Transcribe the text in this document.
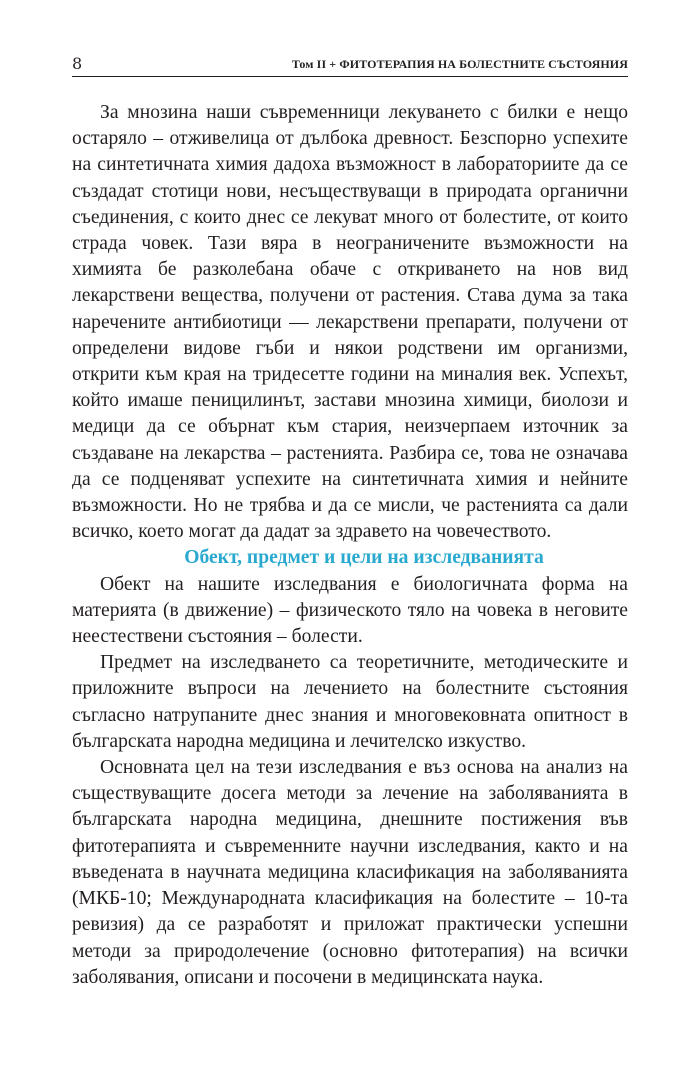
8	Том II + ФИТОТЕРАПИЯ НА БОЛЕСТНИТЕ СЪСТОЯНИЯ

За мнозина наши съвременници лекуването с билки е нещо остаряло – отживелица от дълбока древност. Безспорно успехите на синтетичната химия дадоха възможност в лабораториите да се създадат стотици нови, несъществуващи в природата органични съединения, с които днес се лекуват много от болестите, от които страда човек. Тази вяра в неограничените възможности на химията бе разколебана обаче с откриването на нов вид лекарствени вещества, получени от растения. Става дума за така наречените антибиотици — лекарствени препарати, получени от определени видове гъби и някои родствени им организми, открити към края на тридесетте години на миналия век. Успехът, който имаше пеницилинът, застави мнозина химици, биолози и медици да се обърнат към стария, неизчерпаем източник за създаване на лекарства – растенията. Разбира се, това не означава да се подценяват успехите на синтетичната химия и нейните възможности. Но не трябва и да се мисли, че растенията са дали всичко, което могат да дадат за здравето на човечеството.

Обект, предмет и цели на изследванията

Обект на нашите изследвания е биологичната форма на материята (в движение) – физическото тяло на човека в неговите неестествени състояния – болести.

Предмет на изследването са теоретичните, методическите и приложните въпроси на лечението на болестните състояния съгласно натрупаните днес знания и многовековната опитност в българската народна медицина и лечителско изкуство.

Основната цел на тези изследвания е въз основа на анализ на съществуващите досега методи за лечение на заболяванията в българската народна медицина, днешните постижения във фитотерапията и съвременните научни изследвания, както и на въведената в научната медицина класификация на заболяванията (МКБ-10; Международната класификация на болестите – 10-та ревизия) да се разработят и приложат практически успешни методи за природолечение (основно фитотерапия) на всички заболявания, описани и посочени в медицинската наука.
